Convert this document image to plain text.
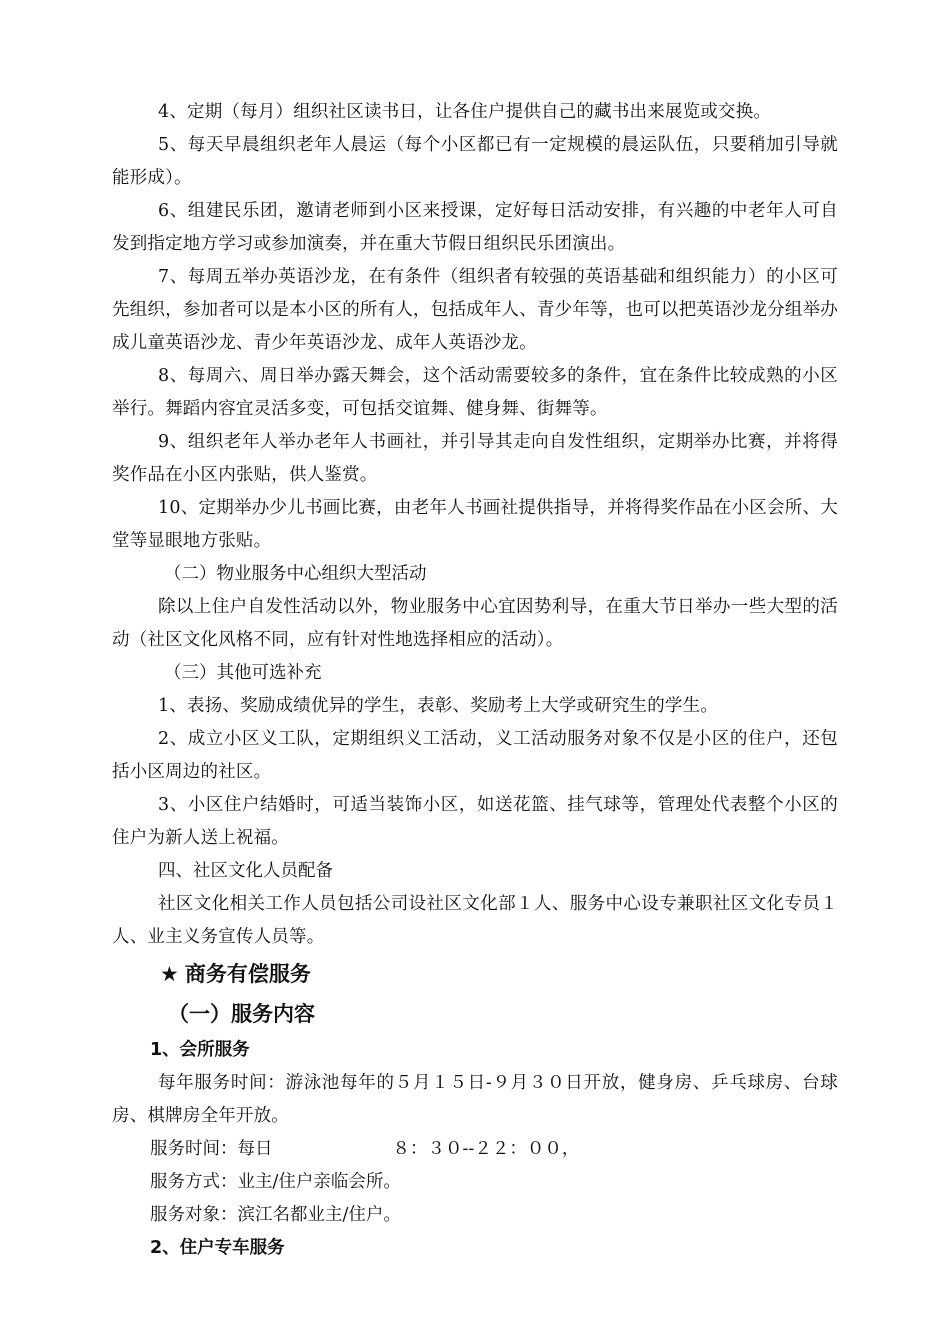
4、定期（每月）组织社区读书日，让各住户提供自己的藏书出来展览或交换。

5、每天早晨组织老年人晨运（每个小区都已有一定规模的晨运队伍，只要稍加引导就能形成）。

6、组建民乐团，邀请老师到小区来授课，定好每日活动安排，有兴趣的中老年人可自发到指定地方学习或参加演奏，并在重大节假日组织民乐团演出。

7、每周五举办英语沙龙，在有条件（组织者有较强的英语基础和组织能力）的小区可先组织，参加者可以是本小区的所有人，包括成年人、青少年等，也可以把英语沙龙分组举办成儿童英语沙龙、青少年英语沙龙、成年人英语沙龙。

8、每周六、周日举办露天舞会，这个活动需要较多的条件，宜在条件比较成熟的小区举行。舞蹈内容宜灵活多变，可包括交谊舞、健身舞、街舞等。

9、组织老年人举办老年人书画社，并引导其走向自发性组织，定期举办比赛，并将得奖作品在小区内张贴，供人鉴赏。

10、定期举办少儿书画比赛，由老年人书画社提供指导，并将得奖作品在小区会所、大堂等显眼地方张贴。

（二）物业服务中心组织大型活动

除以上住户自发性活动以外，物业服务中心宜因势利导，在重大节日举办一些大型的活动（社区文化风格不同，应有针对性地选择相应的活动）。

（三）其他可选补充

1、表扬、奖励成绩优异的学生，表彰、奖励考上大学或研究生的学生。

2、成立小区义工队，定期组织义工活动，义工活动服务对象不仅是小区的住户，还包括小区周边的社区。

3、小区住户结婚时，可适当装饰小区，如送花篮、挂气球等，管理处代表整个小区的住户为新人送上祝福。

四、社区文化人员配备

社区文化相关工作人员包括公司设社区文化部１人、服务中心设专兼职社区文化专员１人、业主义务宣传人员等。

★ 商务有偿服务

（一）服务内容

1、会所服务

每年服务时间：游泳池每年的５月１５日-９月３０日开放，健身房、乒乓球房、台球房、棋牌房全年开放。

服务时间：每日	８：３０--２２：００，

服务方式：业主/住户亲临会所。

服务对象：滨江名都业主/住户。

2、住户专车服务
